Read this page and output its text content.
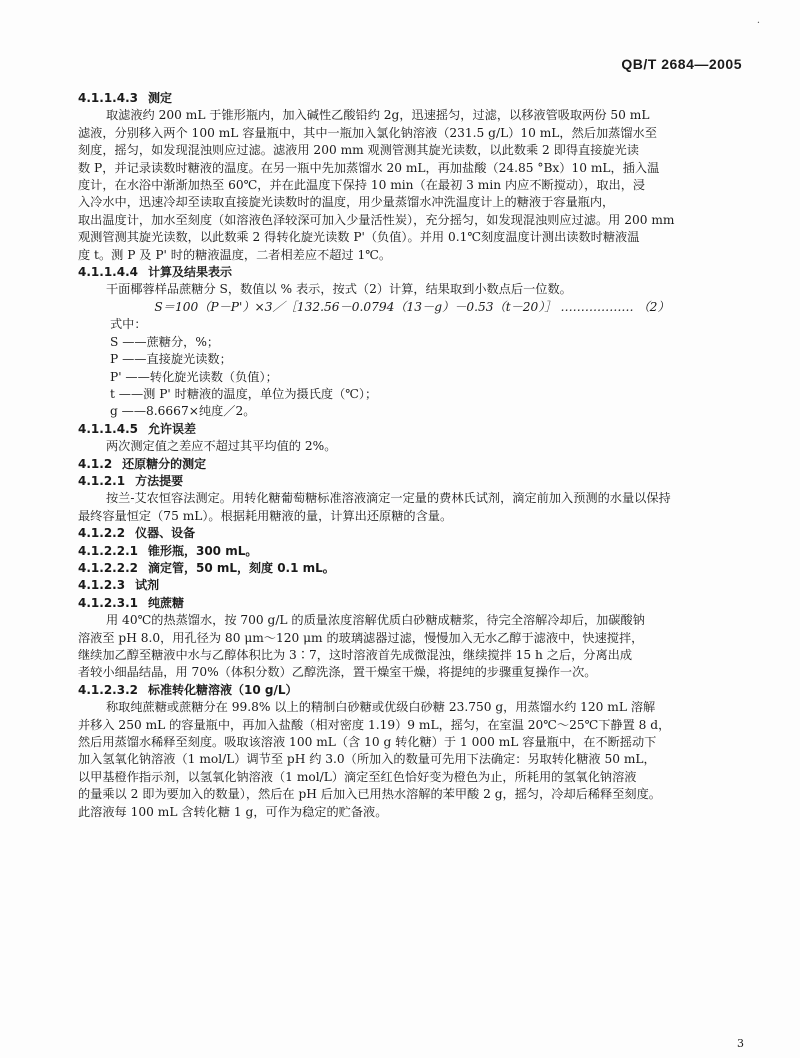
·
QB/T 2684—2005
4.1.1.4.3 测定
取滤液约 200 mL 于锥形瓶内，加入碱性乙酸铅约 2g，迅速摇匀，过滤，以移液管吸取两份 50 mL
滤液，分别移入两个 100 mL 容量瓶中，其中一瓶加入氯化钠溶液（231.5 g/L）10 mL，然后加蒸馏水至
刻度，摇匀，如发现混浊则应过滤。滤液用 200 mm 观测管测其旋光读数，以此数乘 2 即得直接旋光读
数 P，并记录读数时糖液的温度。在另一瓶中先加蒸馏水 20 mL，再加盐酸（24.85 °Bx）10 mL，插入温
度计，在水浴中渐渐加热至 60℃，并在此温度下保持 10 min（在最初 3 min 内应不断搅动），取出，浸
入冷水中，迅速冷却至读取直接旋光读数时的温度，用少量蒸馏水冲洗温度计上的糖液于容量瓶内，
取出温度计，加水至刻度（如溶液色泽较深可加入少量活性炭），充分摇匀，如发现混浊则应过滤。用 200 mm
观测管测其旋光读数，以此数乘 2 得转化旋光读数 P'（负值）。并用 0.1℃刻度温度计测出读数时糖液温
度 t。测 P 及 P' 时的糖液温度，二者相差应不超过 1℃。
4.1.1.4.4 计算及结果表示
干面椰蓉样品蔗糖分 S，数值以 % 表示，按式（2）计算，结果取到小数点后一位数。
S＝100（P－P'）×3／［132.56－0.0794（13－g）－0.53（t－20）］ ……………… （2）
式中：
S ——蔗糖分，%；
P ——直接旋光读数；
P' ——转化旋光读数（负值）；
t ——测 P' 时糖液的温度，单位为摄氏度（℃）；
g ——8.6667×纯度／2。
4.1.1.4.5 允许误差
两次测定值之差应不超过其平均值的 2%。
4.1.2 还原糖分的测定
4.1.2.1 方法提要
按兰-艾农恒容法测定。用转化糖葡萄糖标准溶液滴定一定量的费林氏试剂，滴定前加入预测的水量以保持
最终容量恒定（75 mL）。根据耗用糖液的量，计算出还原糖的含量。
4.1.2.2 仪器、设备
4.1.2.2.1 锥形瓶，300 mL。
4.1.2.2.2 滴定管，50 mL，刻度 0.1 mL。
4.1.2.3 试剂
4.1.2.3.1 纯蔗糖
用 40℃的热蒸馏水，按 700 g/L 的质量浓度溶解优质白砂糖成糖浆，待完全溶解冷却后，加碳酸钠
溶液至 pH 8.0，用孔径为 80 μm～120 μm 的玻璃滤器过滤，慢慢加入无水乙醇于滤液中，快速搅拌，
继续加乙醇至糖液中水与乙醇体积比为 3∶7，这时溶液首先成微混浊，继续搅拌 15 h 之后，分离出成
者较小细晶结晶，用 70%（体积分数）乙醇洗涤，置干燥室干燥，将提纯的步骤重复操作一次。
4.1.2.3.2 标准转化糖溶液（10 g/L）
称取纯蔗糖或蔗糖分在 99.8% 以上的精制白砂糖或优级白砂糖 23.750 g，用蒸馏水约 120 mL 溶解
并移入 250 mL 的容量瓶中，再加入盐酸（相对密度 1.19）9 mL，摇匀，在室温 20℃～25℃下静置 8 d，
然后用蒸馏水稀释至刻度。吸取该溶液 100 mL（含 10 g 转化糖）于 1 000 mL 容量瓶中，在不断摇动下
加入氢氧化钠溶液（1 mol/L）调节至 pH 约 3.0（所加入的数量可先用下法确定：另取转化糖液 50 mL，
以甲基橙作指示剂，以氢氧化钠溶液（1 mol/L）滴定至红色恰好变为橙色为止，所耗用的氢氧化钠溶液
的量乘以 2 即为要加入的数量），然后在 pH 后加入已用热水溶解的苯甲酸 2 g，摇匀，冷却后稀释至刻度。
此溶液每 100 mL 含转化糖 1 g，可作为稳定的贮备液。
3
